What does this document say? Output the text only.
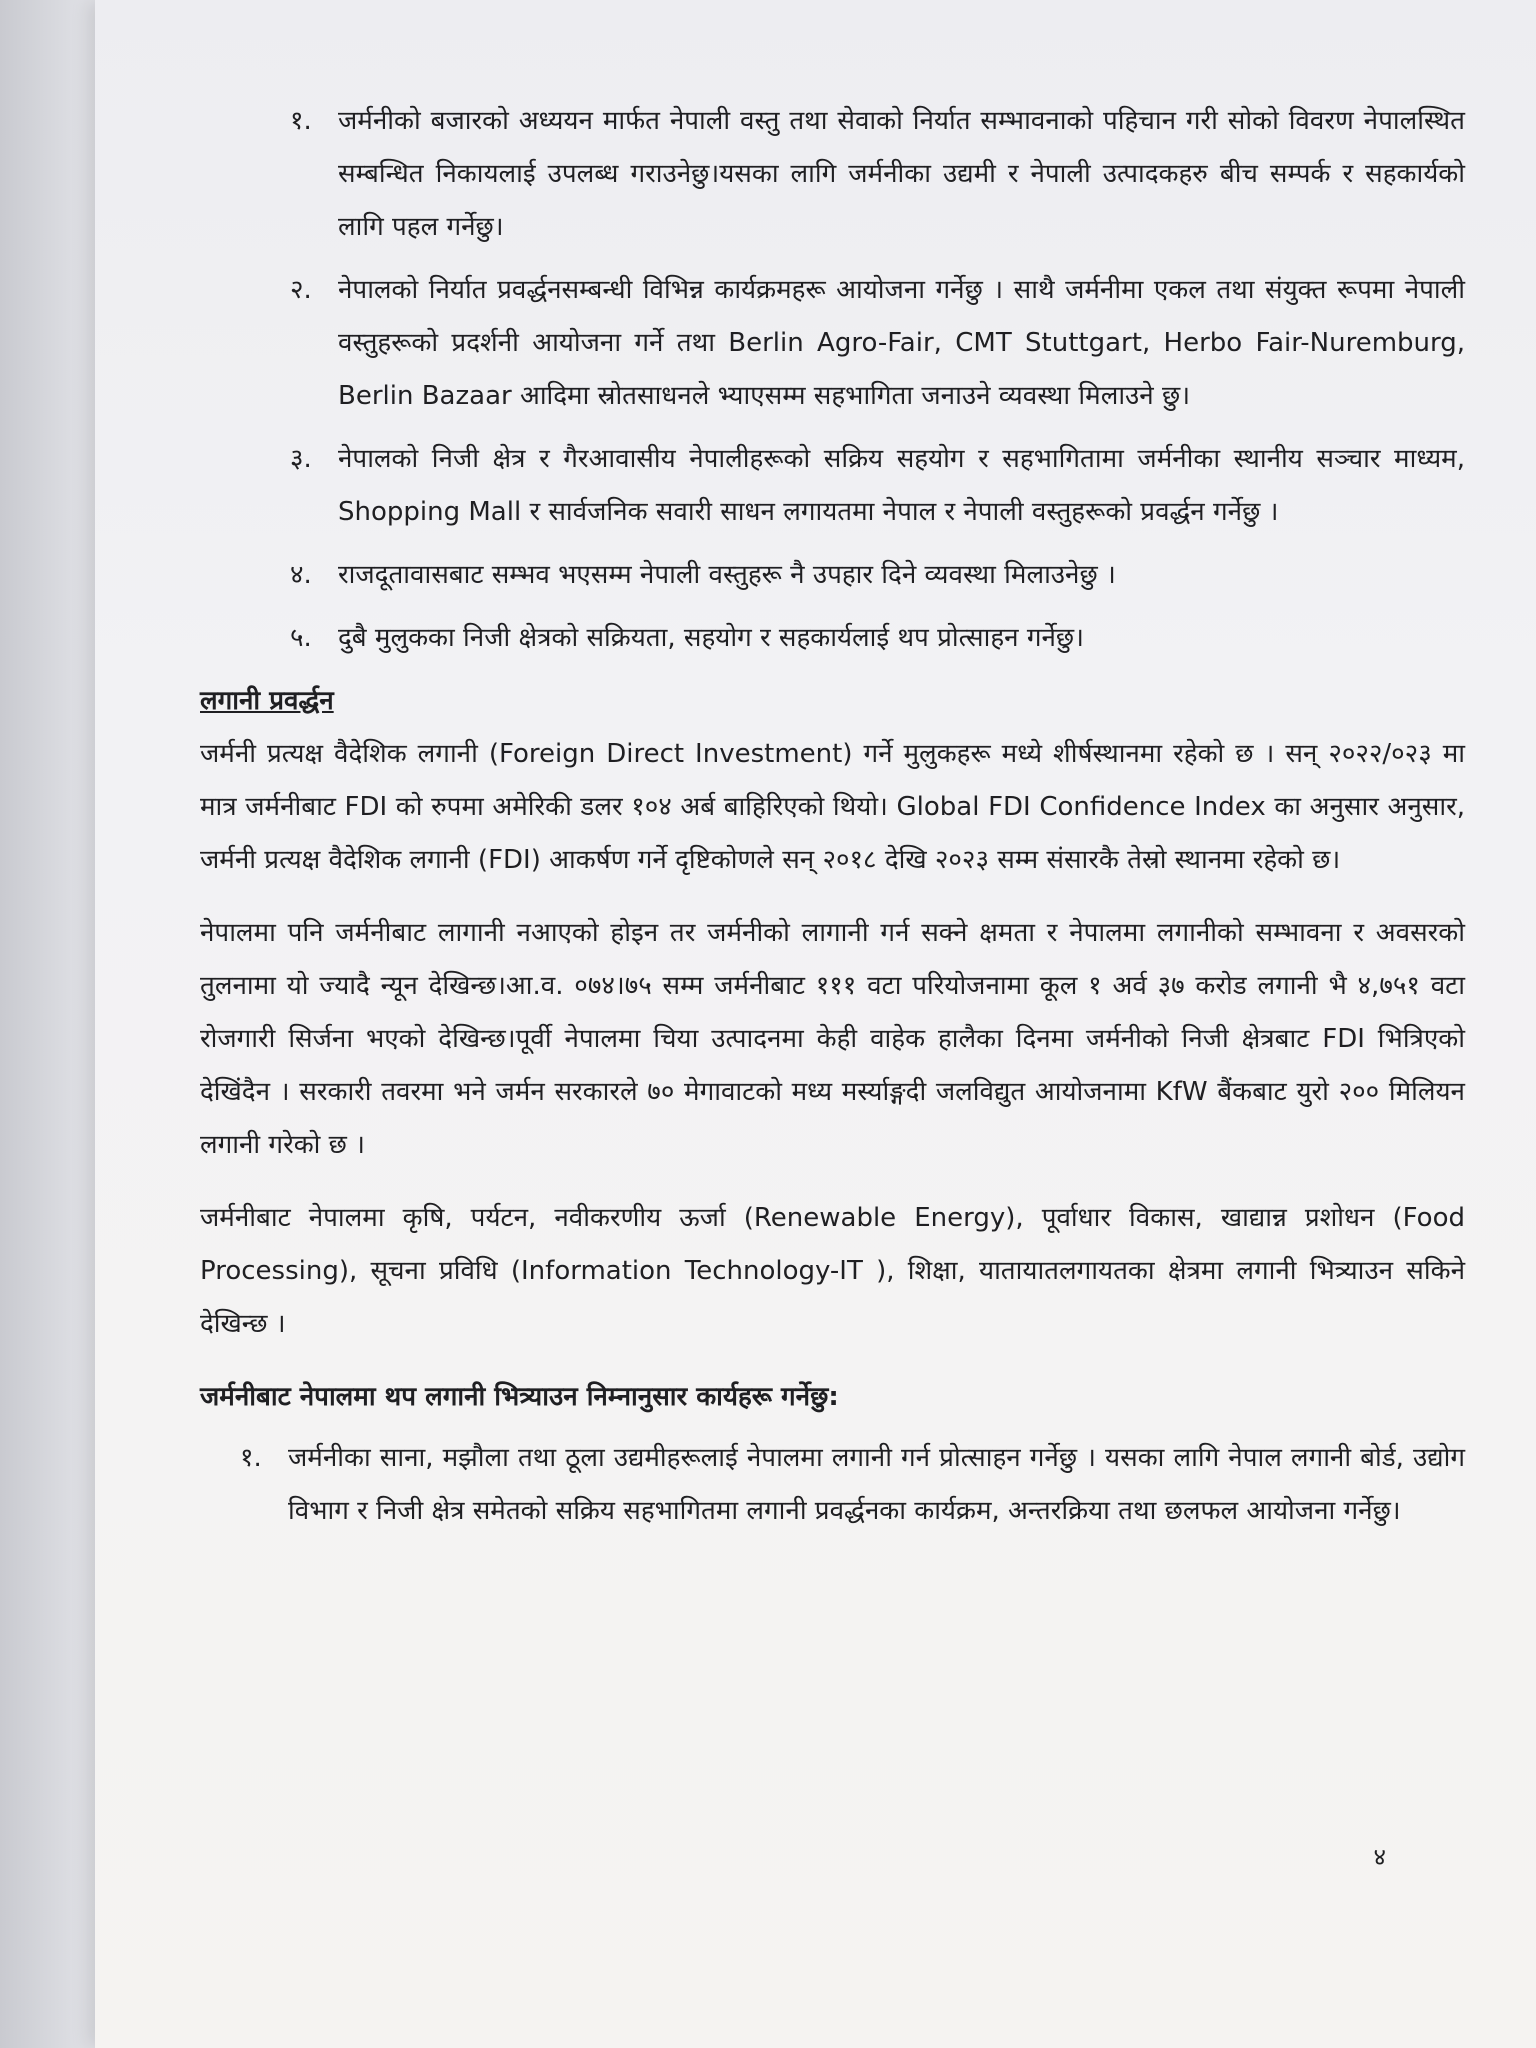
१.	जर्मनीको बजारको अध्ययन मार्फत नेपाली वस्तु तथा सेवाको निर्यात सम्भावनाको पहिचान गरी सोको विवरण नेपालस्थित सम्बन्धित निकायलाई उपलब्ध गराउनेछु।यसका लागि जर्मनीका उद्यमी र नेपाली उत्पादकहरु बीच सम्पर्क र सहकार्यको लागि पहल गर्नेछु।
२.	नेपालको निर्यात प्रवर्द्धनसम्बन्धी विभिन्न कार्यक्रमहरू आयोजना गर्नेछु । साथै जर्मनीमा एकल तथा संयुक्त रूपमा नेपाली वस्तुहरूको प्रदर्शनी आयोजना गर्ने तथा Berlin Agro-Fair, CMT Stuttgart, Herbo Fair-Nuremburg, Berlin Bazaar आदिमा स्रोतसाधनले भ्याएसम्म सहभागिता जनाउने व्यवस्था मिलाउने छु।
३.	नेपालको निजी क्षेत्र र गैरआवासीय नेपालीहरूको सक्रिय सहयोग र सहभागितामा जर्मनीका स्थानीय सञ्चार माध्यम, Shopping Mall र सार्वजनिक सवारी साधन लगायतमा नेपाल र नेपाली वस्तुहरूको प्रवर्द्धन गर्नेछु ।
४.	राजदूतावासबाट सम्भव भएसम्म नेपाली वस्तुहरू नै उपहार दिने व्यवस्था मिलाउनेछु ।
५.	दुबै मुलुकका निजी क्षेत्रको सक्रियता, सहयोग र सहकार्यलाई थप प्रोत्साहन गर्नेछु।
लगानी प्रवर्द्धन

जर्मनी प्रत्यक्ष वैदेशिक लगानी (Foreign Direct Investment) गर्ने मुलुकहरू मध्ये शीर्षस्थानमा रहेको छ । सन् २०२२/०२३ मा मात्र जर्मनीबाट FDI को रुपमा अमेरिकी डलर १०४ अर्ब बाहिरिएको थियो। Global FDI Confidence Index का अनुसार अनुसार, जर्मनी प्रत्यक्ष वैदेशिक लगानी (FDI) आकर्षण गर्ने दृष्टिकोणले सन् २०१८ देखि २०२३ सम्म संसारकै तेस्रो स्थानमा रहेको छ।

नेपालमा पनि जर्मनीबाट लागानी नआएको होइन तर जर्मनीको लागानी गर्न सक्ने क्षमता र नेपालमा लगानीको सम्भावना र अवसरको तुलनामा यो ज्यादै न्यून देखिन्छ।आ.व. ०७४।७५ सम्म जर्मनीबाट १११ वटा परियोजनामा कूल १ अर्व ३७ करोड लगानी भै ४,७५१ वटा रोजगारी सिर्जना भएको देखिन्छ।पूर्वी नेपालमा चिया उत्पादनमा केही वाहेक हालैका दिनमा जर्मनीको निजी क्षेत्रबाट FDI भित्रिएको देखिंदैन । सरकारी तवरमा भने जर्मन सरकारले ७० मेगावाटको मध्य मर्स्याङ्गदी जलविद्युत आयोजनामा KfW बैंकबाट युरो २०० मिलियन लगानी गरेको छ ।

जर्मनीबाट नेपालमा कृषि, पर्यटन, नवीकरणीय ऊर्जा (Renewable Energy), पूर्वाधार विकास, खाद्यान्न प्रशोधन (Food Processing), सूचना प्रविधि (Information Technology-IT ), शिक्षा, यातायातलगायतका क्षेत्रमा लगानी भित्र्याउन सकिने देखिन्छ ।

जर्मनीबाट नेपालमा थप लगानी भित्र्याउन निम्नानुसार कार्यहरू गर्नेछु:
१.	जर्मनीका साना, मझौला तथा ठूला उद्यमीहरूलाई नेपालमा लगानी गर्न प्रोत्साहन गर्नेछु । यसका लागि नेपाल लगानी बोर्ड, उद्योग विभाग र निजी क्षेत्र समेतको सक्रिय सहभागितमा लगानी प्रवर्द्धनका कार्यक्रम, अन्तरक्रिया तथा छलफल आयोजना गर्नेछु।
४
